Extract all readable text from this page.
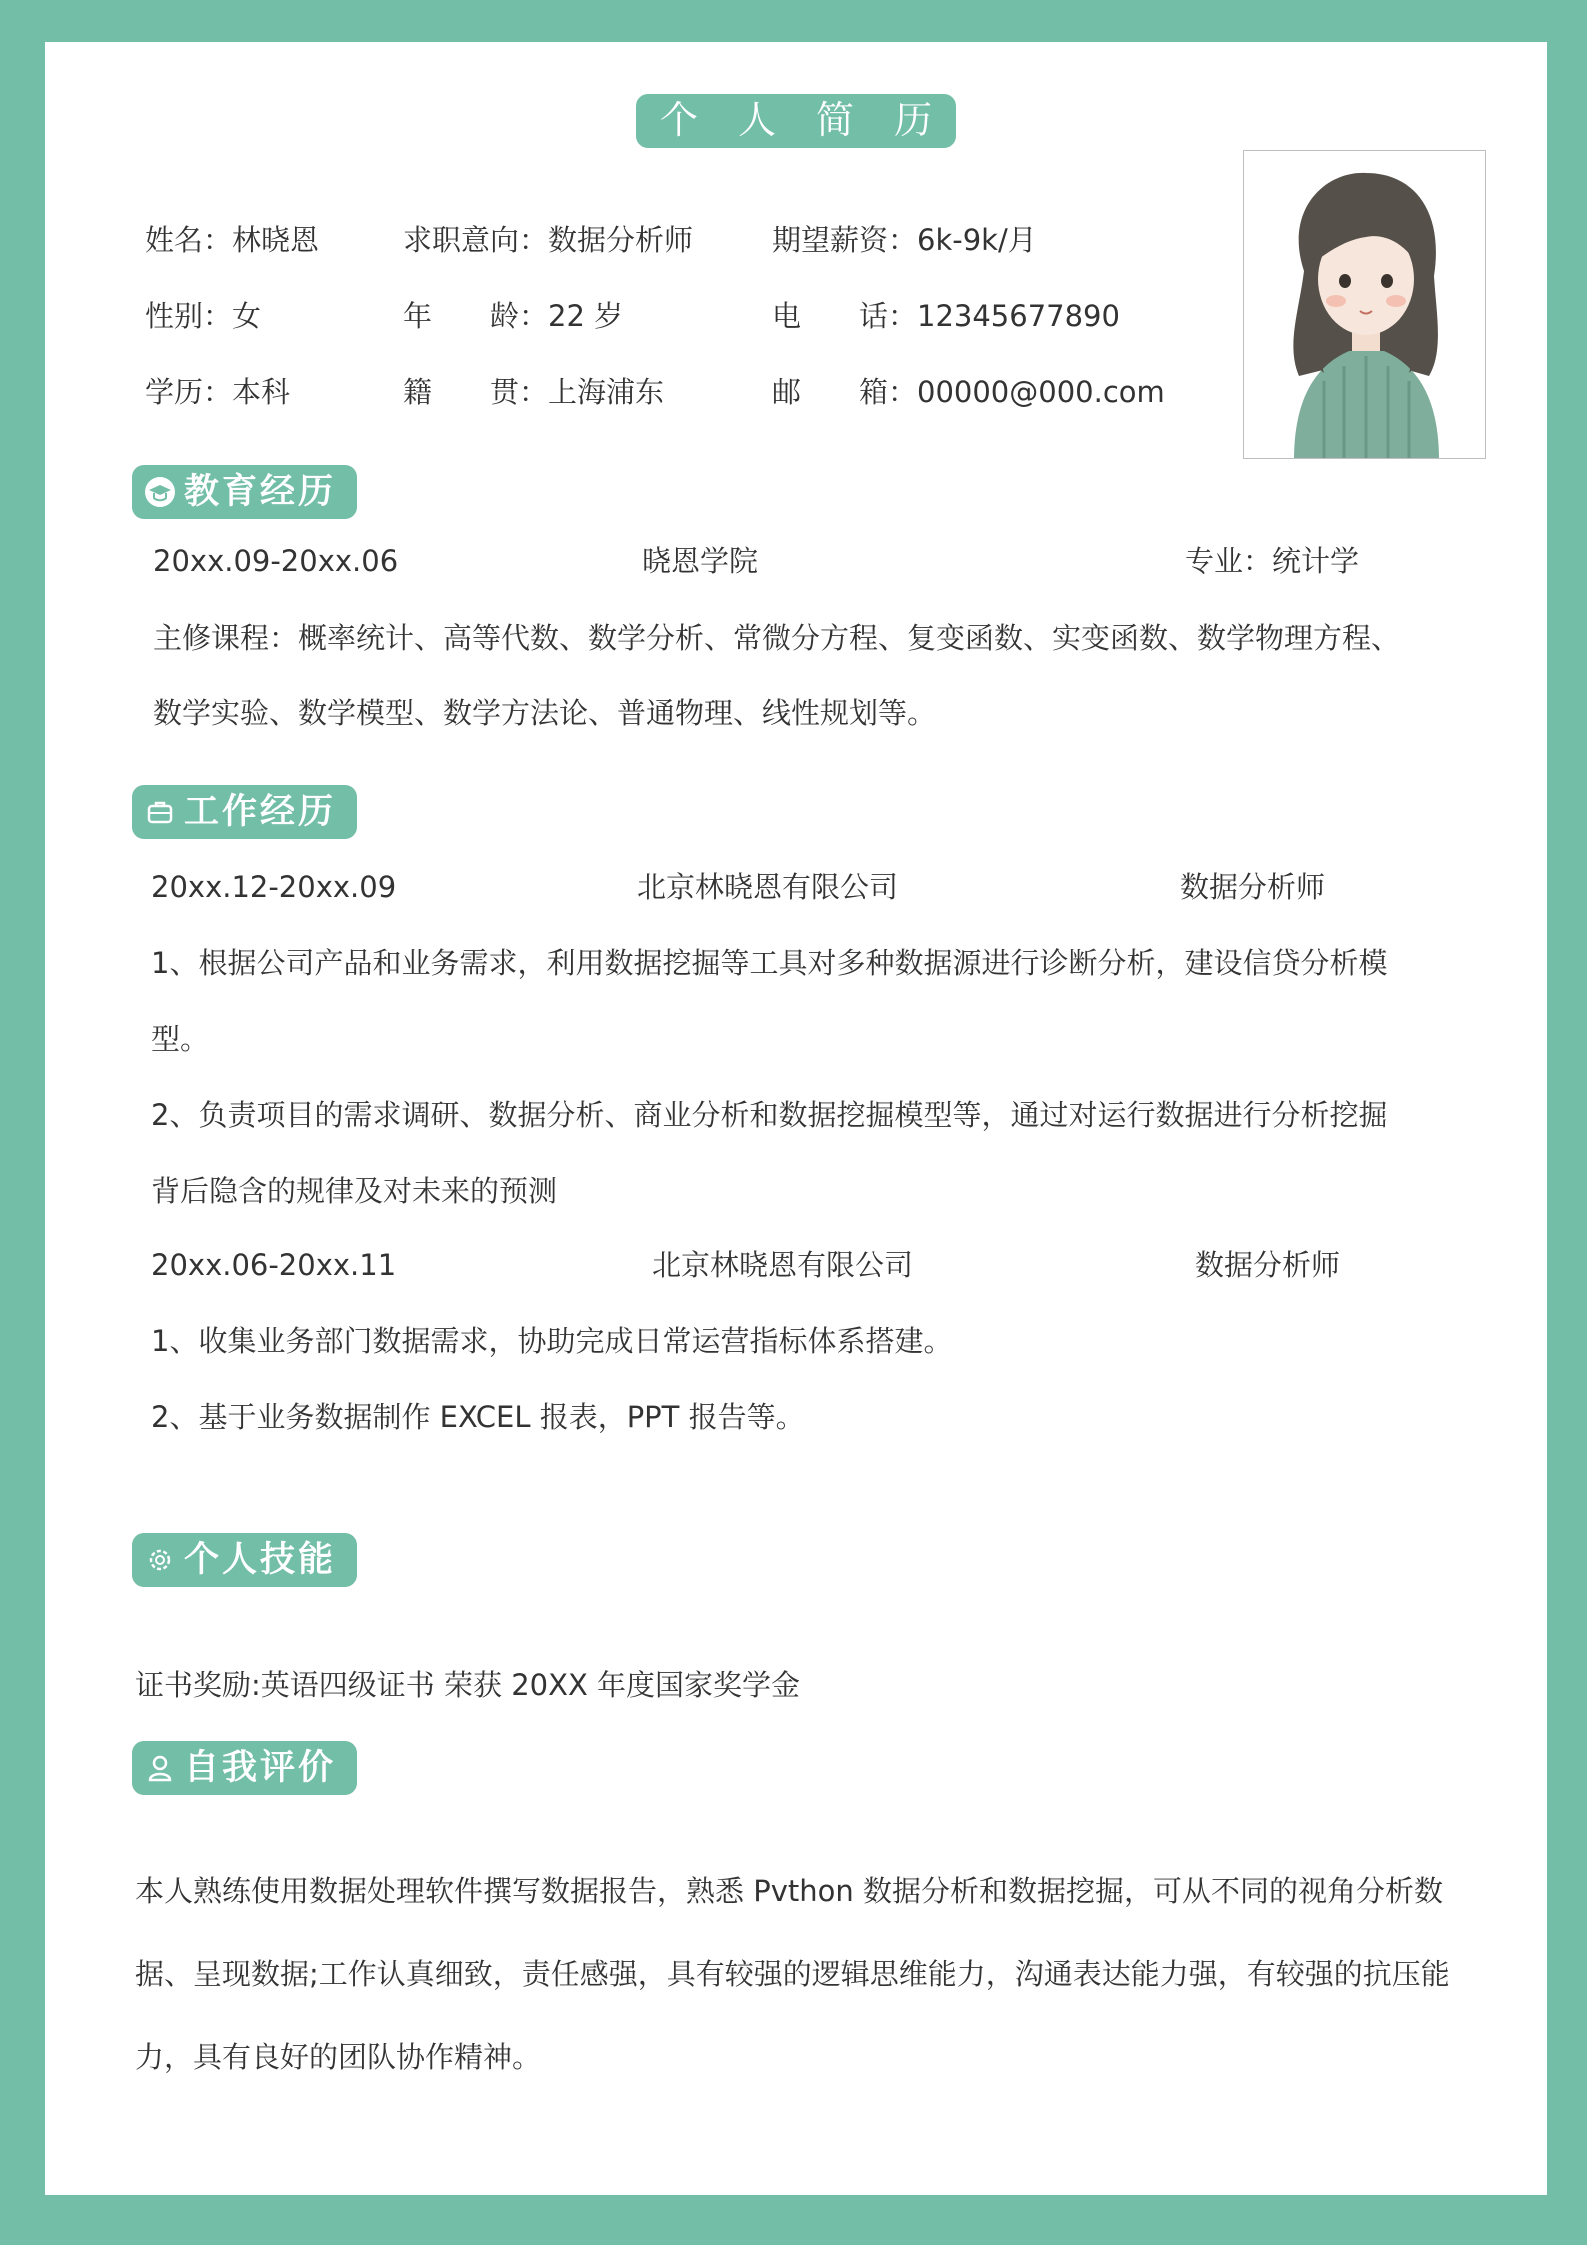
个 人 简 历
姓名：林晓恩	求职意向：数据分析师	期望薪资：6k-9k/月
性别：女	年　　龄：22 岁	电　　话：12345677890
学历：本科	籍　　贯：上海浦东	邮　　箱：00000@000.com
教育经历
20xx.09-20xx.06	晓恩学院	专业：统计学
主修课程：概率统计、高等代数、数学分析、常微分方程、复变函数、实变函数、数学物理方程、
数学实验、数学模型、数学方法论、普通物理、线性规划等。
工作经历
20xx.12-20xx.09	北京林晓恩有限公司	数据分析师
1、根据公司产品和业务需求，利用数据挖掘等工具对多种数据源进行诊断分析，建设信贷分析模
型。
2、负责项目的需求调研、数据分析、商业分析和数据挖掘模型等，通过对运行数据进行分析挖掘
背后隐含的规律及对未来的预测
20xx.06-20xx.11	北京林晓恩有限公司	数据分析师
1、收集业务部门数据需求，协助完成日常运营指标体系搭建。
2、基于业务数据制作 EXCEL 报表，PPT 报告等。
个人技能
证书奖励:英语四级证书 荣获 20XX 年度国家奖学金
自我评价
本人熟练使用数据处理软件撰写数据报告，熟悉 Pvthon 数据分析和数据挖掘，可从不同的视角分析数
据、呈现数据;工作认真细致，责任感强，具有较强的逻辑思维能力，沟通表达能力强，有较强的抗压能
力，具有良好的团队协作精神。
